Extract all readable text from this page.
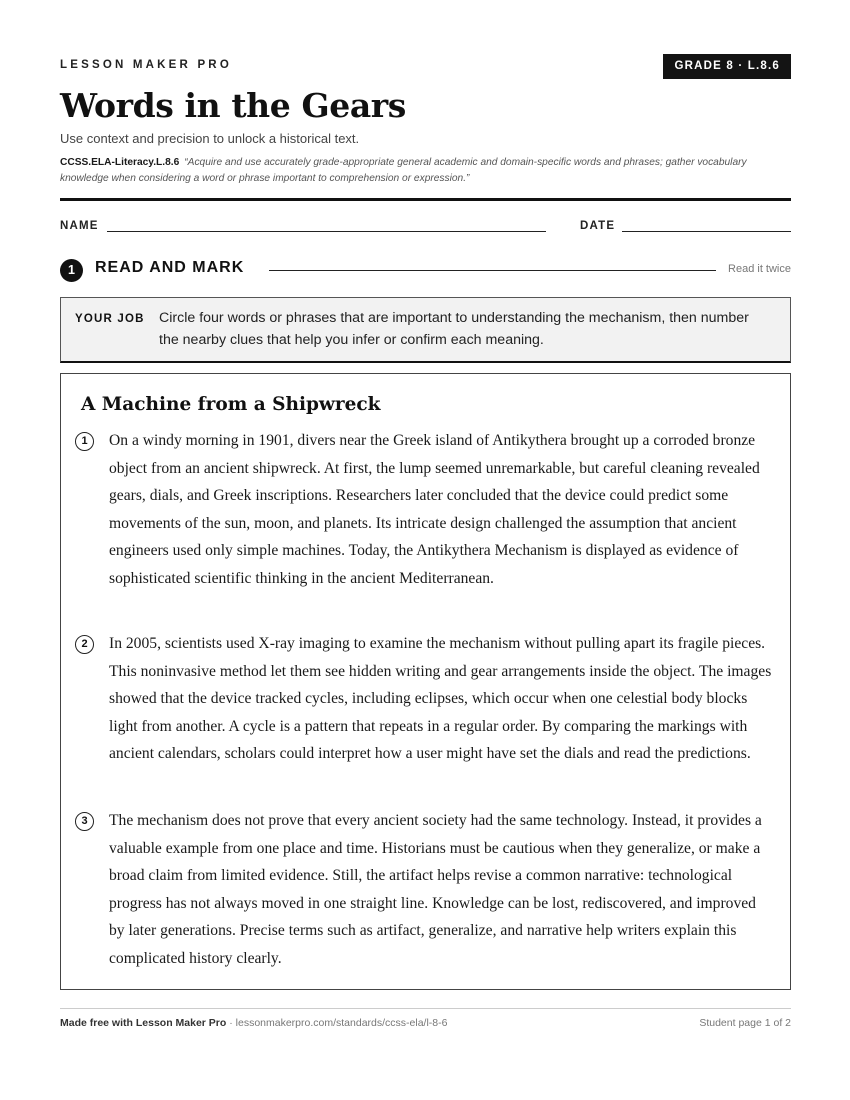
LESSON MAKER PRO	GRADE 8 · L.8.6
Words in the Gears
Use context and precision to unlock a historical text.
CCSS.ELA-Literacy.L.8.6 “Acquire and use accurately grade-appropriate general academic and domain-specific words and phrases; gather vocabulary knowledge when considering a word or phrase important to comprehension or expression.”
NAME	DATE
1	READ AND MARK	Read it twice
YOUR JOB Circle four words or phrases that are important to understanding the mechanism, then number the nearby clues that help you infer or confirm each meaning.
A Machine from a Shipwreck
1	On a windy morning in 1901, divers near the Greek island of Antikythera brought up a corroded bronze object from an ancient shipwreck. At first, the lump seemed unremarkable, but careful cleaning revealed gears, dials, and Greek inscriptions. Researchers later concluded that the device could predict some movements of the sun, moon, and planets. Its intricate design challenged the assumption that ancient engineers used only simple machines. Today, the Antikythera Mechanism is displayed as evidence of sophisticated scientific thinking in the ancient Mediterranean.

2	In 2005, scientists used X-ray imaging to examine the mechanism without pulling apart its fragile pieces. This noninvasive method let them see hidden writing and gear arrangements inside the object. The images showed that the device tracked cycles, including eclipses, which occur when one celestial body blocks light from another. A cycle is a pattern that repeats in a regular order. By comparing the markings with ancient calendars, scholars could interpret how a user might have set the dials and read the predictions.

3	The mechanism does not prove that every ancient society had the same technology. Instead, it provides a valuable example from one place and time. Historians must be cautious when they generalize, or make a broad claim from limited evidence. Still, the artifact helps revise a common narrative: technological progress has not always moved in one straight line. Knowledge can be lost, rediscovered, and improved by later generations. Precise terms such as artifact, generalize, and narrative help writers explain this complicated history clearly.

Made free with Lesson Maker Pro · lessonmakerpro.com/standards/ccss-ela/l-8-6	Student page 1 of 2
